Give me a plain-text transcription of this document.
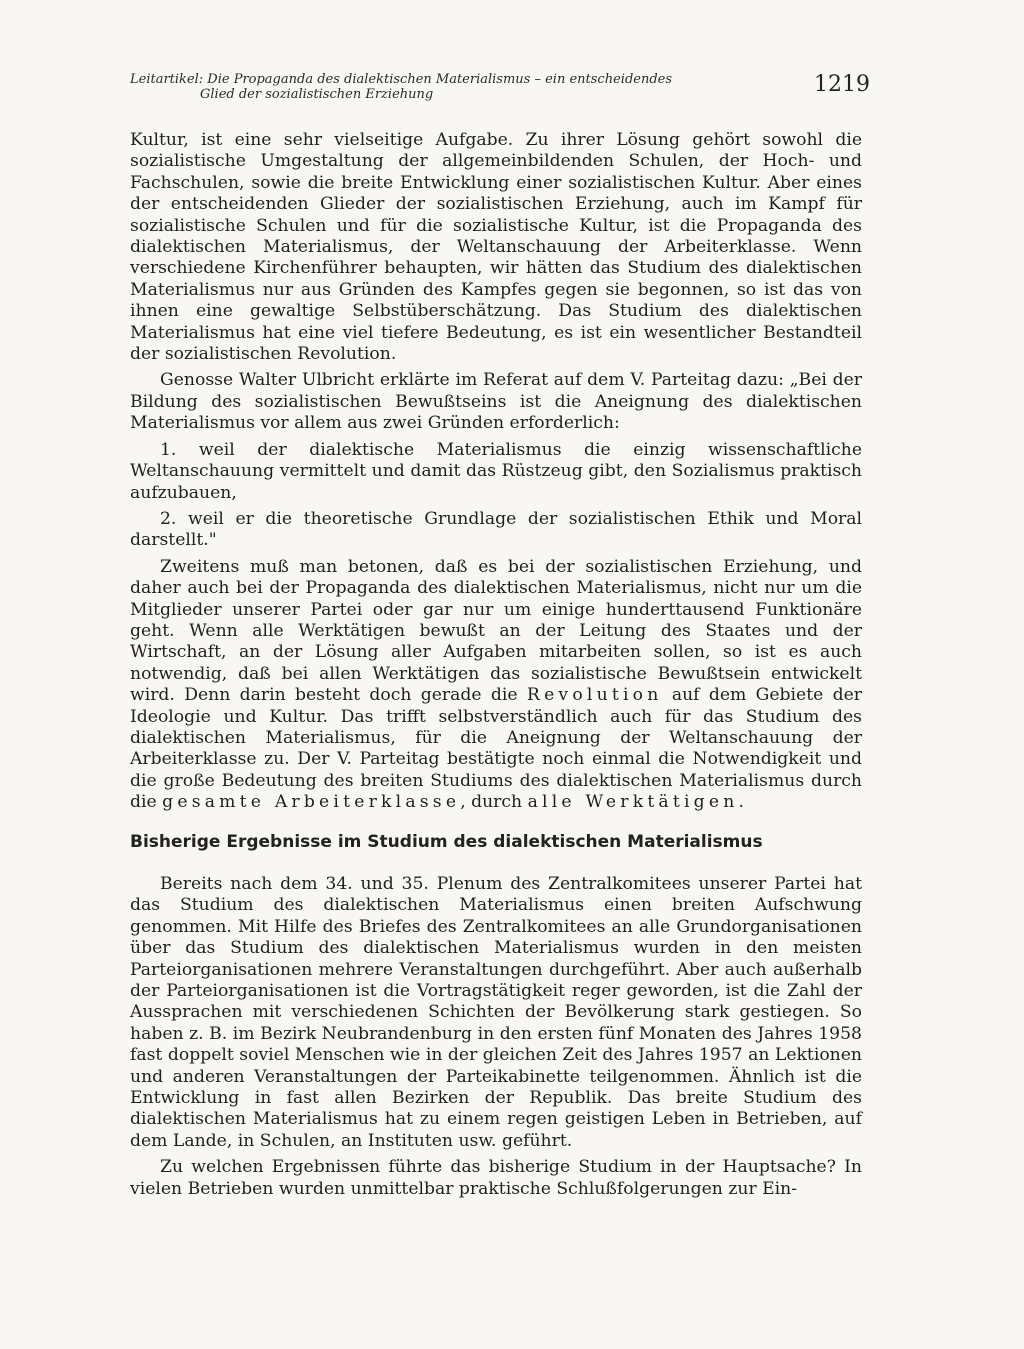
Leitartikel: Die Propaganda des dialektischen Materialismus – ein entscheidendes
Glied der sozialistischen Erziehung	1219

Kultur, ist eine sehr vielseitige Aufgabe. Zu ihrer Lösung gehört sowohl die sozialistische Umgestaltung der allgemeinbildenden Schulen, der Hoch- und Fachschulen, sowie die breite Entwicklung einer sozialistischen Kultur. Aber eines der entscheidenden Glieder der sozialistischen Erziehung, auch im Kampf für sozialistische Schulen und für die sozialistische Kultur, ist die Propaganda des dialektischen Materialismus, der Weltanschauung der Arbeiterklasse. Wenn verschiedene Kirchenführer behaupten, wir hätten das Studium des dialektischen Materialismus nur aus Gründen des Kampfes gegen sie begonnen, so ist das von ihnen eine gewaltige Selbstüberschätzung. Das Studium des dialektischen Materialismus hat eine viel tiefere Bedeutung, es ist ein wesentlicher Bestandteil der sozialistischen Revolution.

Genosse Walter Ulbricht erklärte im Referat auf dem V. Parteitag dazu: „Bei der Bildung des sozialistischen Bewußtseins ist die Aneignung des dialektischen Materialismus vor allem aus zwei Gründen erforderlich:

1. weil der dialektische Materialismus die einzig wissenschaftliche Weltanschauung vermittelt und damit das Rüstzeug gibt, den Sozialismus praktisch aufzubauen,

2. weil er die theoretische Grundlage der sozialistischen Ethik und Moral darstellt."

Zweitens muß man betonen, daß es bei der sozialistischen Erziehung, und daher auch bei der Propaganda des dialektischen Materialismus, nicht nur um die Mitglieder unserer Partei oder gar nur um einige hunderttausend Funktionäre geht. Wenn alle Werktätigen bewußt an der Leitung des Staates und der Wirtschaft, an der Lösung aller Aufgaben mitarbeiten sollen, so ist es auch notwendig, daß bei allen Werktätigen das sozialistische Bewußtsein entwickelt wird. Denn darin besteht doch gerade die Revolution auf dem Gebiete der Ideologie und Kultur. Das trifft selbstverständlich auch für das Studium des dialektischen Materialismus, für die Aneignung der Weltanschauung der Arbeiterklasse zu. Der V. Parteitag bestätigte noch einmal die Notwendigkeit und die große Bedeutung des breiten Studiums des dialektischen Materialismus durch die gesamte Arbeiterklasse, durch alle Werktätigen.

Bisherige Ergebnisse im Studium des dialektischen Materialismus

Bereits nach dem 34. und 35. Plenum des Zentralkomitees unserer Partei hat das Studium des dialektischen Materialismus einen breiten Aufschwung genommen. Mit Hilfe des Briefes des Zentralkomitees an alle Grundorganisationen über das Studium des dialektischen Materialismus wurden in den meisten Parteiorganisationen mehrere Veranstaltungen durchgeführt. Aber auch außerhalb der Parteiorganisationen ist die Vortragstätigkeit reger geworden, ist die Zahl der Aussprachen mit verschiedenen Schichten der Bevölkerung stark gestiegen. So haben z. B. im Bezirk Neubrandenburg in den ersten fünf Monaten des Jahres 1958 fast doppelt soviel Menschen wie in der gleichen Zeit des Jahres 1957 an Lektionen und anderen Veranstaltungen der Parteikabinette teilgenommen. Ähnlich ist die Entwicklung in fast allen Bezirken der Republik. Das breite Studium des dialektischen Materialismus hat zu einem regen geistigen Leben in Betrieben, auf dem Lande, in Schulen, an Instituten usw. geführt.

Zu welchen Ergebnissen führte das bisherige Studium in der Hauptsache? In vielen Betrieben wurden unmittelbar praktische Schlußfolgerungen zur Ein-
